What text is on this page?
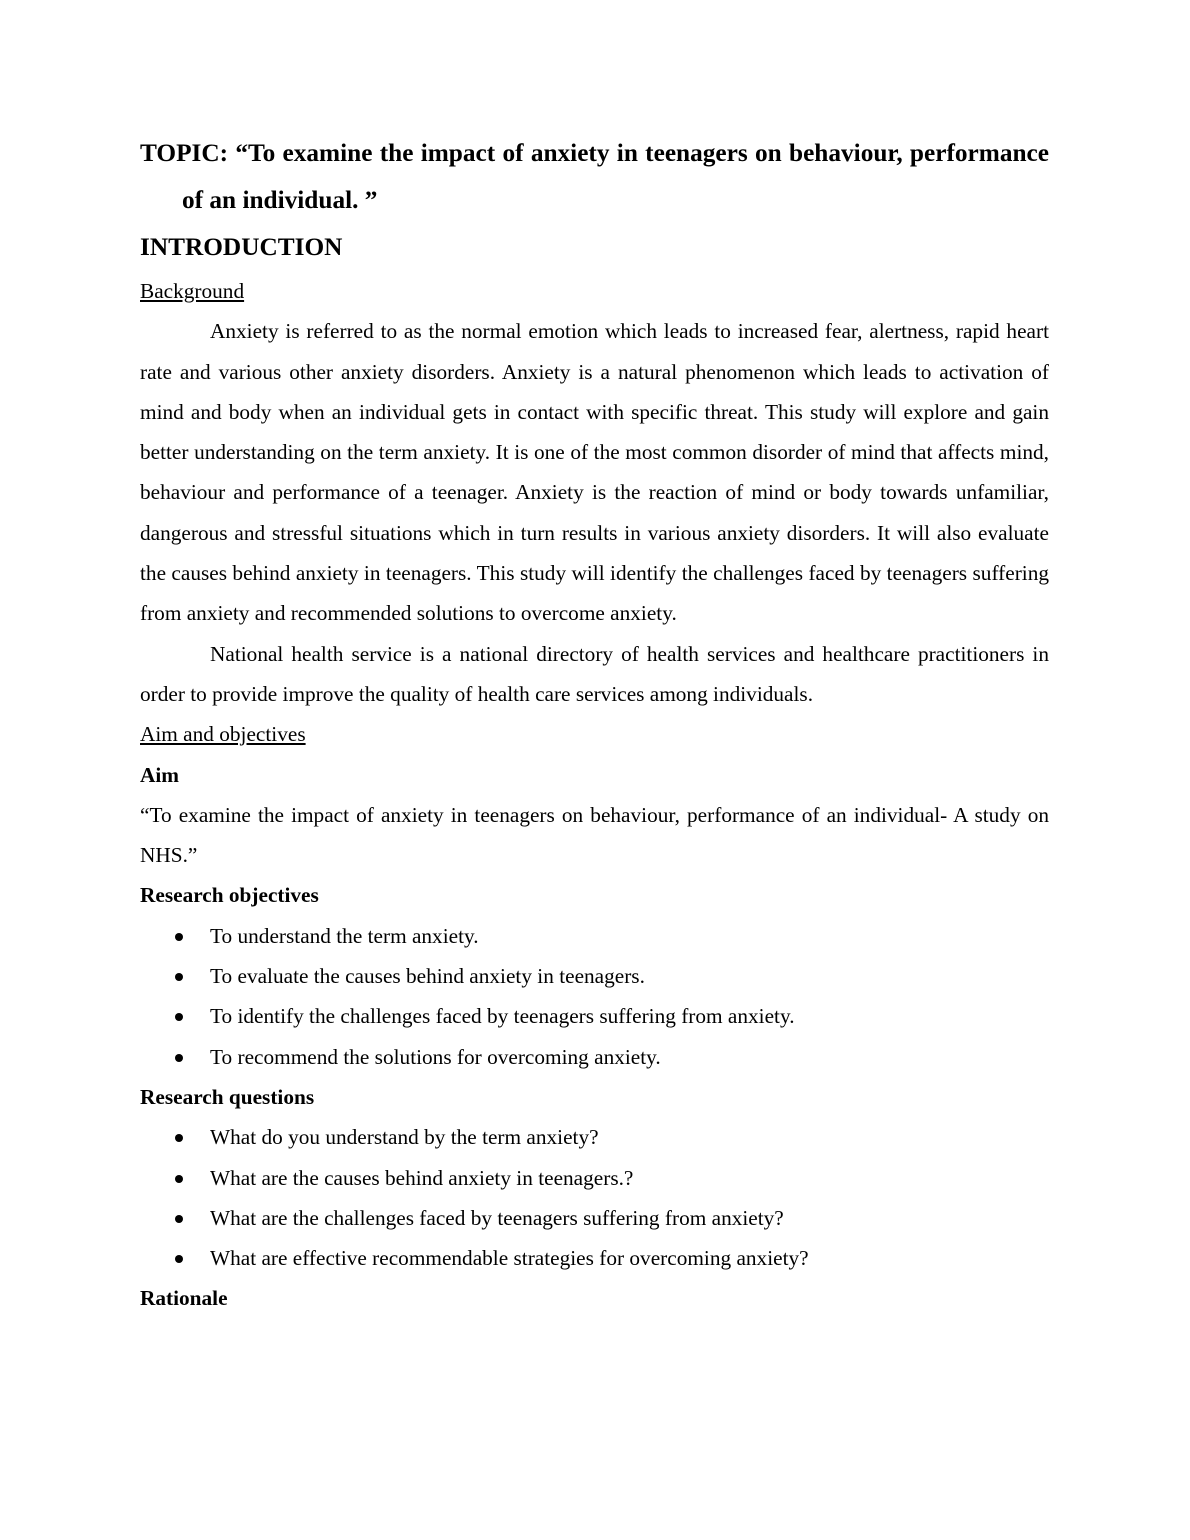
TOPIC: “To examine the impact of anxiety in teenagers on behaviour, performance of an individual. ”

INTRODUCTION

Background

Anxiety is referred to as the normal emotion which leads to increased fear, alertness, rapid heart rate and various other anxiety disorders. Anxiety is a natural phenomenon which leads to activation of mind and body when an individual gets in contact with specific threat. This study will explore and gain better understanding on the term anxiety. It is one of the most common disorder of mind that affects mind, behaviour and performance of a teenager. Anxiety is the reaction of mind or body towards unfamiliar, dangerous and stressful situations which in turn results in various anxiety disorders. It will also evaluate the causes behind anxiety in teenagers. This study will identify the challenges faced by teenagers suffering from anxiety and recommended solutions to overcome anxiety.

National health service is a national directory of health services and healthcare practitioners in order to provide improve the quality of health care services among individuals.

Aim and objectives

Aim

“To examine the impact of anxiety in teenagers on behaviour, performance of an individual- A study on NHS.”

Research objectives

To understand the term anxiety.
To evaluate the causes behind anxiety in teenagers.
To identify the challenges faced by teenagers suffering from anxiety.
To recommend the solutions for overcoming anxiety.

Research questions

What do you understand by the term anxiety?
What are the causes behind anxiety in teenagers.?
What are the challenges faced by teenagers suffering from anxiety?
What are effective recommendable strategies for overcoming anxiety?

Rationale
